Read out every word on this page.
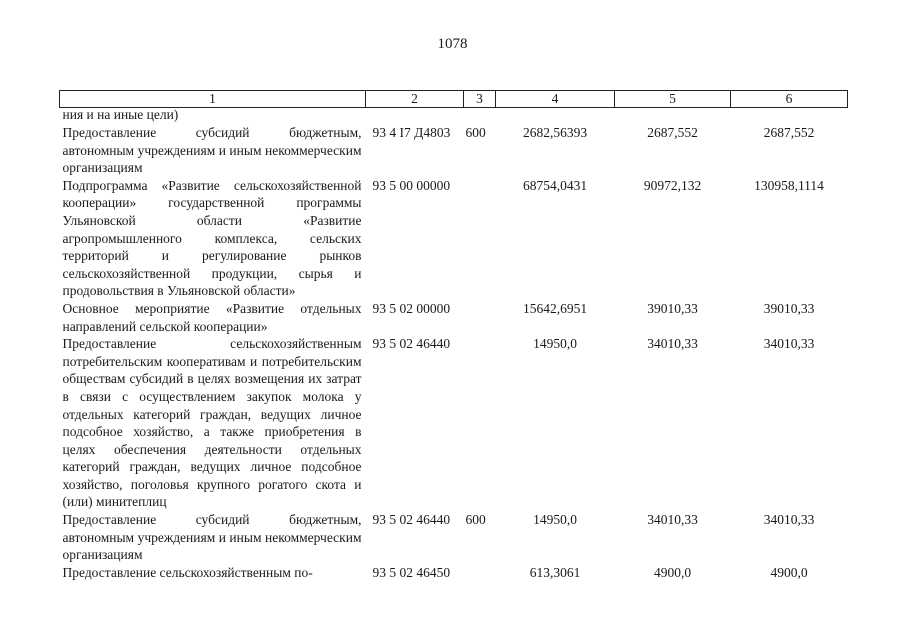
1078
1	2	3	4	5	6
ния и на иные цели)					
Предоставление субсидий бюджетным, автономным учреждениям и иным некоммерческим организациям	93 4 I7 Д4803	600	2682,56393	2687,552	2687,552
Подпрограмма «Развитие сельскохозяйственной кооперации» государственной программы Ульяновской области «Развитие агропромышленного комплекса, сельских территорий и регулирование рынков сельскохозяйственной продукции, сырья и продовольствия в Ульяновской области»	93 5 00 00000		68754,0431	90972,132	130958,1114
Основное мероприятие «Развитие отдельных направлений сельской кооперации»	93 5 02 00000		15642,6951	39010,33	39010,33
Предоставление сельскохозяйственным потребительским кооперативам и потребительским обществам субсидий в целях возмещения их затрат в связи с осуществлением закупок молока у отдельных категорий граждан, ведущих личное подсобное хозяйство, а также приобретения в целях обеспечения деятельности отдельных категорий граждан, ведущих личное подсобное хозяйство, поголовья крупного рогатого скота и (или) минитеплиц	93 5 02 46440		14950,0	34010,33	34010,33
Предоставление субсидий бюджетным, автономным учреждениям и иным некоммерческим организациям	93 5 02 46440	600	14950,0	34010,33	34010,33
Предоставление сельскохозяйственным по-	93 5 02 46450		613,3061	4900,0	4900,0
